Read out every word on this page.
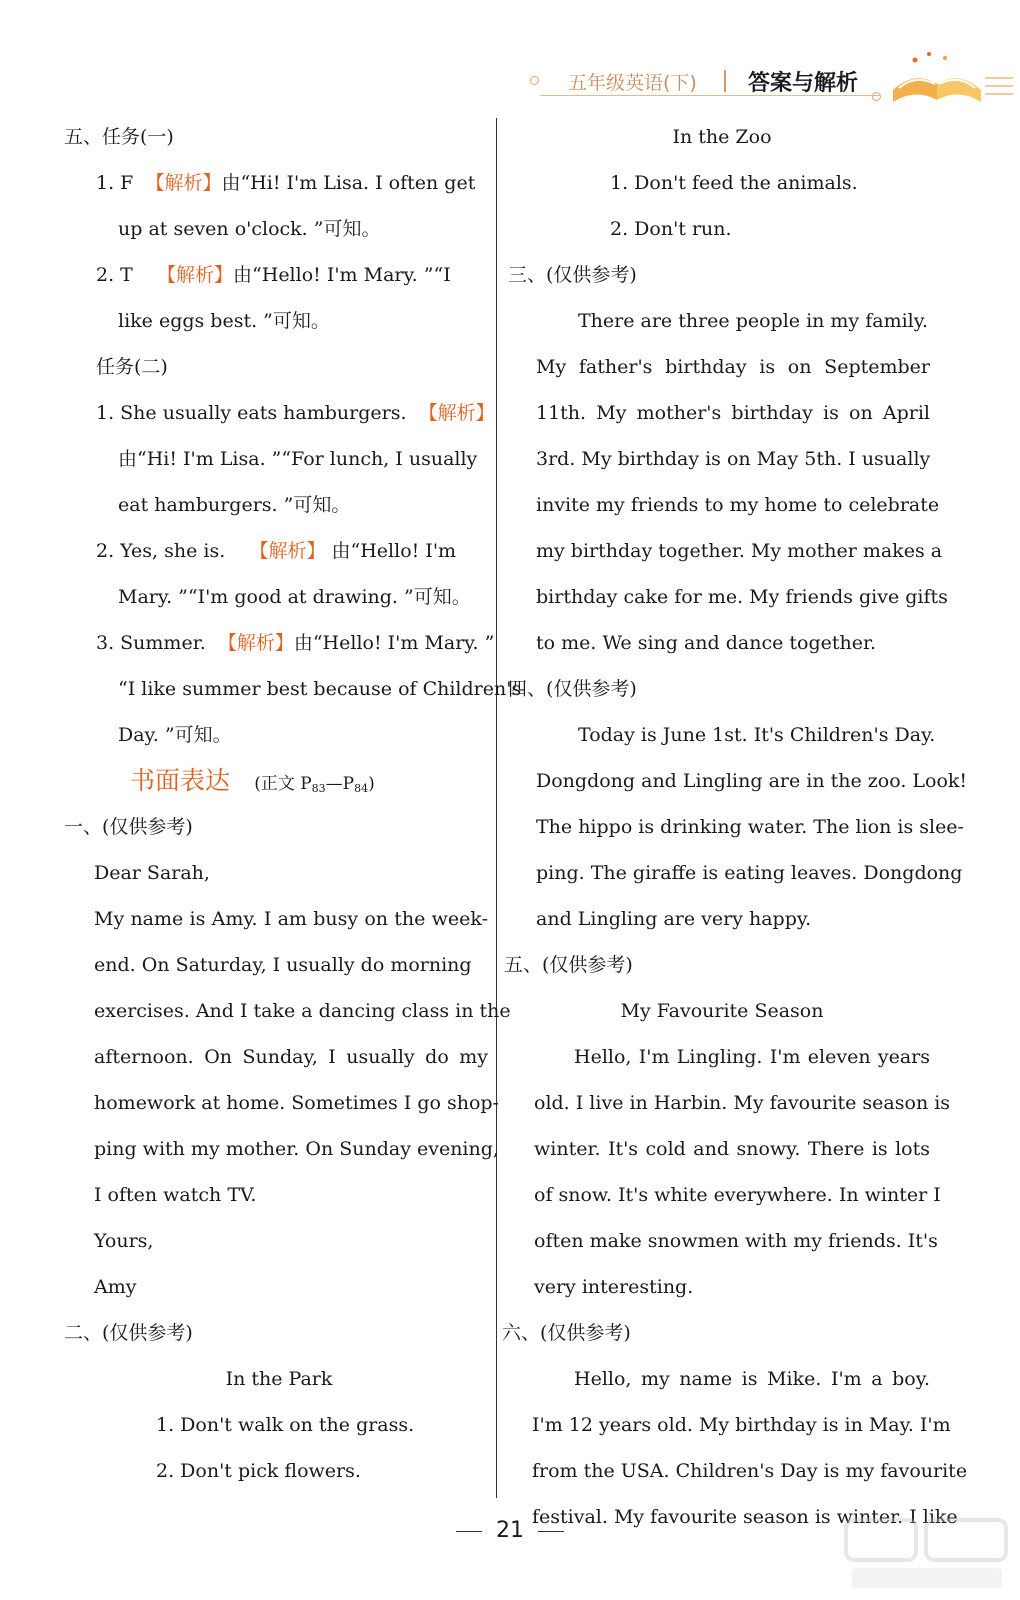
五年级英语(下) 答案与解析
五、任务(一)
1. F 【解析】由“Hi! I'm Lisa. I often get
up at seven o'clock. ”可知。
2. T 【解析】由“Hello! I'm Mary. ”“I
like eggs best. ”可知。
任务(二)
1. She usually eats hamburgers. 【解析】
由“Hi! I'm Lisa. ”“For lunch, I usually
eat hamburgers. ”可知。
2. Yes, she is. 【解析】 由“Hello! I'm
Mary. ”“I'm good at drawing. ”可知。
3. Summer. 【解析】由“Hello! I'm Mary. ”
“I like summer best because of Children's
Day. ”可知。
书面表达 (正文 $P_{83}—P_{84}$)
一、(仅供参考)
Dear Sarah,
My name is Amy. I am busy on the week-
end. On Saturday, I usually do morning
exercises. And I take a dancing class in the
afternoon. On Sunday, I usually do my
homework at home. Sometimes I go shop-
ping with my mother. On Sunday evening,
I often watch TV.
Yours,
Amy
二、(仅供参考)
In the Park
1. Don't walk on the grass.
2. Don't pick flowers.
In the Zoo
1. Don't feed the animals.
2. Don't run.
三、(仅供参考)
There are three people in my family.
My father's birthday is on September
11th. My mother's birthday is on April
3rd. My birthday is on May 5th. I usually
invite my friends to my home to celebrate
my birthday together. My mother makes a
birthday cake for me. My friends give gifts
to me. We sing and dance together.
四、(仅供参考)
Today is June 1st. It's Children's Day.
Dongdong and Lingling are in the zoo. Look!
The hippo is drinking water. The lion is slee-
ping. The giraffe is eating leaves. Dongdong
and Lingling are very happy.
五、(仅供参考)
My Favourite Season
Hello, I'm Lingling. I'm eleven years
old. I live in Harbin. My favourite season is
winter. It's cold and snowy. There is lots
of snow. It's white everywhere. In winter I
often make snowmen with my friends. It's
very interesting.
六、(仅供参考)
Hello, my name is Mike. I'm a boy.
I'm 12 years old. My birthday is in May. I'm
from the USA. Children's Day is my favourite
festival. My favourite season is winter. I like
21
